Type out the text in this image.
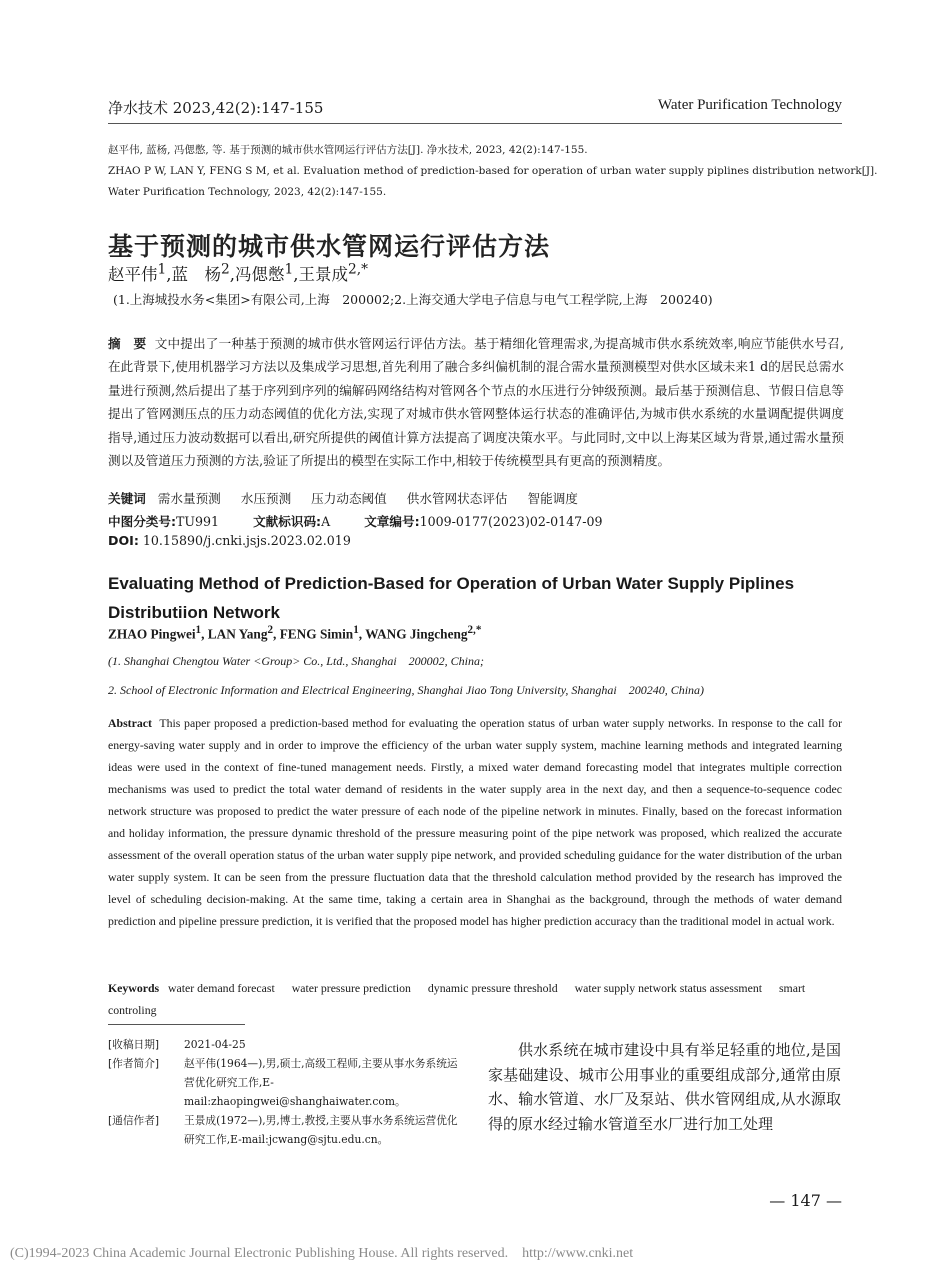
净水技术 2023,42(2):147-155	Water Purification Technology
赵平伟, 蓝杨, 冯偲憋, 等. 基于预测的城市供水管网运行评估方法[J]. 净水技术, 2023, 42(2):147-155.
ZHAO P W, LAN Y, FENG S M, et al. Evaluation method of prediction-based for operation of urban water supply piplines distribution network[J].
Water Purification Technology, 2023, 42(2):147-155.
基于预测的城市供水管网运行评估方法
赵平伟$^1$,蓝　杨$^2$,冯偲憋$^1$,王景成$^{2,*}$
(1.上海城投水务<集团>有限公司,上海　200002;2.上海交通大学电子信息与电气工程学院,上海　200240)
摘　要 文中提出了一种基于预测的城市供水管网运行评估方法。基于精细化管理需求,为提高城市供水系统效率,响应节能供水号召,在此背景下,使用机器学习方法以及集成学习思想,首先利用了融合多纠偏机制的混合需水量预测模型对供水区域未来1 d的居民总需水量进行预测,然后提出了基于序列到序列的编解码网络结构对管网各个节点的水压进行分钟级预测。最后基于预测信息、节假日信息等提出了管网测压点的压力动态阈值的优化方法,实现了对城市供水管网整体运行状态的准确评估,为城市供水系统的水量调配提供调度指导,通过压力波动数据可以看出,研究所提供的阈值计算方法提高了调度决策水平。与此同时,文中以上海某区域为背景,通过需水量预测以及管道压力预测的方法,验证了所提出的模型在实际工作中,相较于传统模型具有更高的预测精度。
关键词 需水量预测 水压预测 压力动态阈值 供水管网状态评估 智能调度
中图分类号:TU991	文献标识码:A	文章编号:1009-0177(2023)02-0147-09
DOI: 10.15890/j.cnki.jsjs.2023.02.019
Evaluating Method of Prediction-Based for Operation of Urban Water Supply Piplines Distributiion Network
ZHAO Pingwei$^1$, LAN Yang$^2$, FENG Simin$^1$, WANG Jingcheng$^{2,*}$
(1. Shanghai Chengtou Water <Group> Co., Ltd., Shanghai　200002, China;
2. School of Electronic Information and Electrical Engineering, Shanghai Jiao Tong University, Shanghai　200240, China)
Abstract This paper proposed a prediction-based method for evaluating the operation status of urban water supply networks. In response to the call for energy-saving water supply and in order to improve the efficiency of the urban water supply system, machine learning methods and integrated learning ideas were used in the context of fine-tuned management needs. Firstly, a mixed water demand forecasting model that integrates multiple correction mechanisms was used to predict the total water demand of residents in the water supply area in the next day, and then a sequence-to-sequence codec network structure was proposed to predict the water pressure of each node of the pipeline network in minutes. Finally, based on the forecast information and holiday information, the pressure dynamic threshold of the pressure measuring point of the pipe network was proposed, which realized the accurate assessment of the overall operation status of the urban water supply pipe network, and provided scheduling guidance for the water distribution of the urban water supply system. It can be seen from the pressure fluctuation data that the threshold calculation method provided by the research has improved the level of scheduling decision-making. At the same time, taking a certain area in Shanghai as the background, through the methods of water demand prediction and pipeline pressure prediction, it is verified that the proposed model has higher prediction accuracy than the traditional model in actual work.
Keywords water demand forecast water pressure prediction dynamic pressure threshold water supply network status assessment smart controling
[收稿日期]	2021-04-25
[作者简介]	赵平伟(1964—),男,硕士,高级工程师,主要从事水务系统运营优化研究工作,E-mail:zhaopingwei@shanghaiwater.com。
[通信作者]	王景成(1972—),男,博士,教授,主要从事水务系统运营优化研究工作,E-mail:jcwang@sjtu.edu.cn。
供水系统在城市建设中具有举足轻重的地位,是国家基础建设、城市公用事业的重要组成部分,通常由原水、输水管道、水厂及泵站、供水管网组成,从水源取得的原水经过输水管道至水厂进行加工处理
— 147 —
(C)1994-2023 China Academic Journal Electronic Publishing House. All rights reserved.　http://www.cnki.net
